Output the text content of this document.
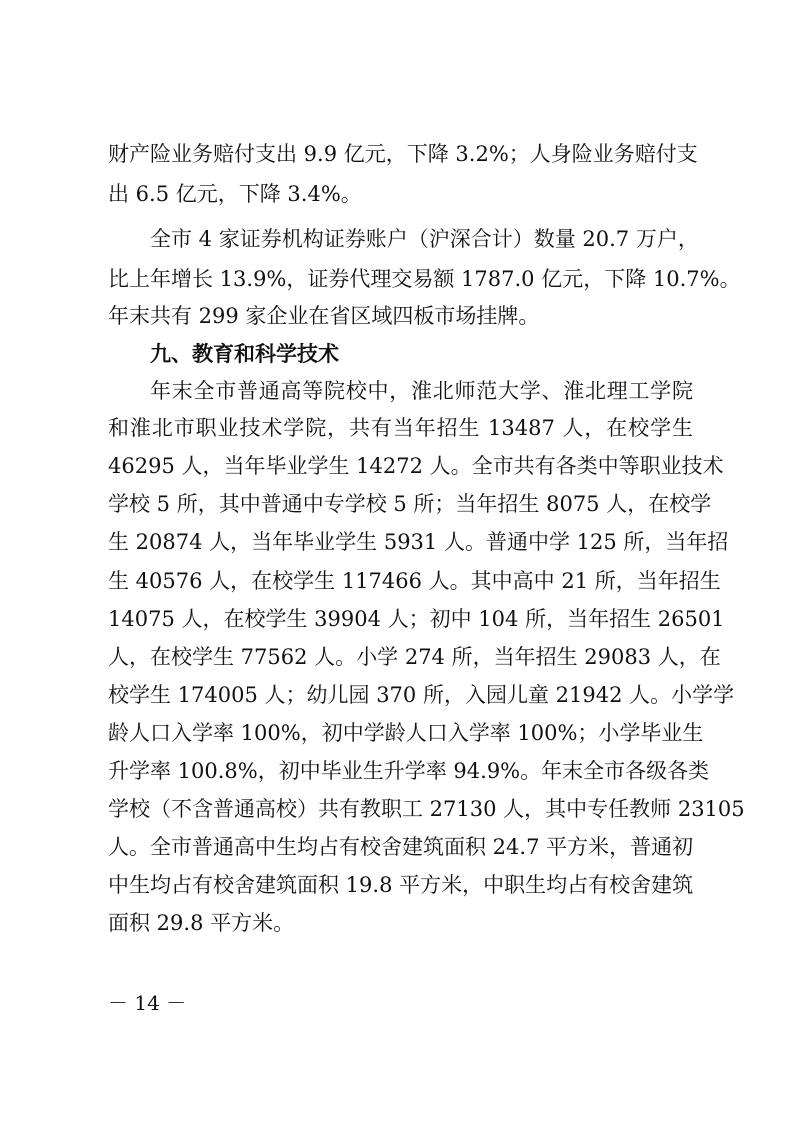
财产险业务赔付支出 9.9 亿元，下降 3.2%；人身险业务赔付支
出 6.5 亿元，下降 3.4%。
全市 4 家证券机构证券账户（沪深合计）数量 20.7 万户，
比上年增长 13.9%，证券代理交易额 1787.0 亿元，下降 10.7%。
年末共有 299 家企业在省区域四板市场挂牌。
九、教育和科学技术
年末全市普通高等院校中，淮北师范大学、淮北理工学院
和淮北市职业技术学院，共有当年招生 13487 人，在校学生
46295 人，当年毕业学生 14272 人。全市共有各类中等职业技术
学校 5 所，其中普通中专学校 5 所；当年招生 8075 人，在校学
生 20874 人，当年毕业学生 5931 人。普通中学 125 所，当年招
生 40576 人，在校学生 117466 人。其中高中 21 所，当年招生
14075 人，在校学生 39904 人；初中 104 所，当年招生 26501
人，在校学生 77562 人。小学 274 所，当年招生 29083 人，在
校学生 174005 人；幼儿园 370 所，入园儿童 21942 人。小学学
龄人口入学率 100%，初中学龄人口入学率 100%；小学毕业生
升学率 100.8%，初中毕业生升学率 94.9%。年末全市各级各类
学校（不含普通高校）共有教职工 27130 人，其中专任教师 23105
人。全市普通高中生均占有校舍建筑面积 24.7 平方米，普通初
中生均占有校舍建筑面积 19.8 平方米，中职生均占有校舍建筑
面积 29.8 平方米。
－ 14 －
